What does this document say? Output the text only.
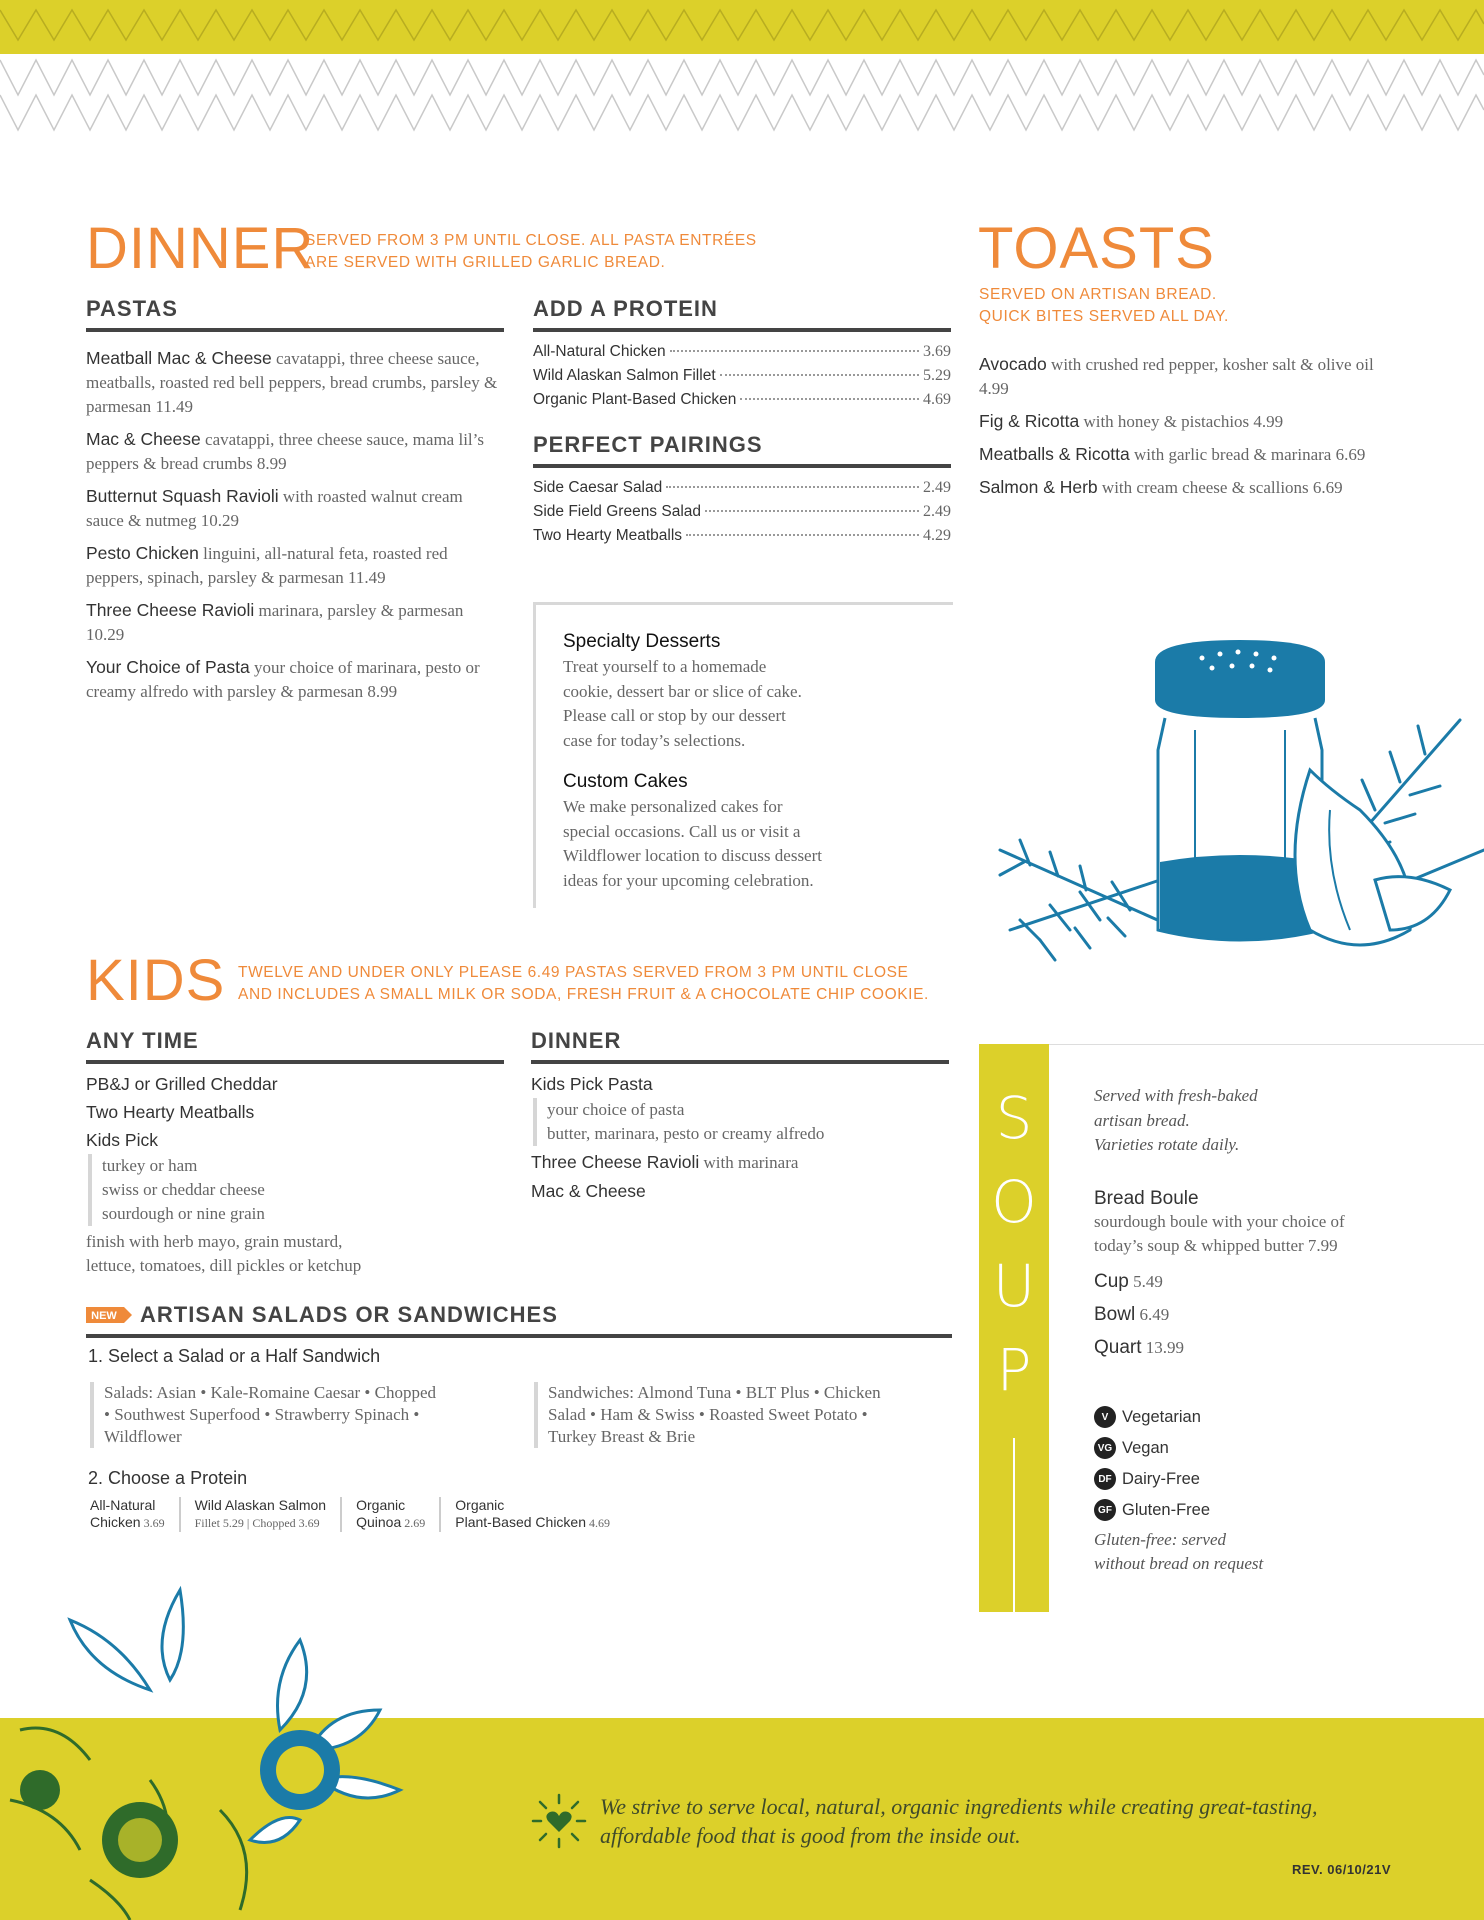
DINNER
SERVED FROM 3 PM UNTIL CLOSE. ALL PASTA ENTRÉES
ARE SERVED WITH GRILLED GARLIC BREAD.
PASTAS
Meatball Mac & Cheese cavatappi, three cheese sauce, meatballs, roasted red bell peppers, bread crumbs, parsley & parmesan 11.49
Mac & Cheese cavatappi, three cheese sauce, mama lil’s peppers & bread crumbs 8.99
Butternut Squash Ravioli with roasted walnut cream sauce & nutmeg 10.29
Pesto Chicken linguini, all-natural feta, roasted red peppers, spinach, parsley & parmesan 11.49
Three Cheese Ravioli marinara, parsley & parmesan 10.29
Your Choice of Pasta your choice of marinara, pesto or creamy alfredo with parsley & parmesan 8.99
ADD A PROTEIN
All-Natural Chicken	3.69
Wild Alaskan Salmon Fillet	5.29
Organic Plant-Based Chicken	4.69
PERFECT PAIRINGS
Side Caesar Salad	2.49
Side Field Greens Salad	2.49
Two Hearty Meatballs	4.29
Specialty Desserts
Treat yourself to a homemade
cookie, dessert bar or slice of cake.
Please call or stop by our dessert
case for today’s selections.
Custom Cakes
We make personalized cakes for
special occasions. Call us or visit a
Wildflower location to discuss dessert
ideas for your upcoming celebration.
TOASTS
SERVED ON ARTISAN BREAD.
QUICK BITES SERVED ALL DAY.
Avocado with crushed red pepper, kosher salt & olive oil 4.99
Fig & Ricotta with honey & pistachios 4.99
Meatballs & Ricotta with garlic bread & marinara 6.69
Salmon & Herb with cream cheese & scallions 6.69
KIDS TWELVE AND UNDER ONLY PLEASE 6.49 PASTAS SERVED FROM 3 PM UNTIL CLOSE
AND INCLUDES A SMALL MILK OR SODA, FRESH FRUIT & A CHOCOLATE CHIP COOKIE.
ANY TIME
PB&J or Grilled Cheddar
Two Hearty Meatballs
Kids Pick
turkey or ham
swiss or cheddar cheese
sourdough or nine grain
finish with herb mayo, grain mustard,
lettuce, tomatoes, dill pickles or ketchup
DINNER
Kids Pick Pasta
your choice of pasta
butter, marinara, pesto or creamy alfredo
Three Cheese Ravioli with marinara
Mac & Cheese
NEW ARTISAN SALADS OR SANDWICHES
1. Select a Salad or a Half Sandwich
Salads: Asian • Kale-Romaine Caesar • Chopped
• Southwest Superfood • Strawberry Spinach •
Wildflower
Sandwiches: Almond Tuna • BLT Plus • Chicken
Salad • Ham & Swiss • Roasted Sweet Potato •
Turkey Breast & Brie
2. Choose a Protein
All-Natural
Chicken 3.69
Wild Alaskan Salmon
Fillet 5.29 | Chopped 3.69
Organic
Quinoa 2.69
Organic
Plant-Based Chicken 4.69
S
O
U
P
Served with fresh-baked
artisan bread.
Varieties rotate daily.
Bread Boule
sourdough boule with your choice of
today’s soup & whipped butter 7.99
Cup 5.49
Bowl 6.49
Quart 13.99
V Vegetarian
VG Vegan
DF Dairy-Free
GF Gluten-Free
Gluten-free: served
without bread on request
We strive to serve local, natural, organic ingredients while creating great-tasting,
affordable food that is good from the inside out.
REV. 06/10/21V
